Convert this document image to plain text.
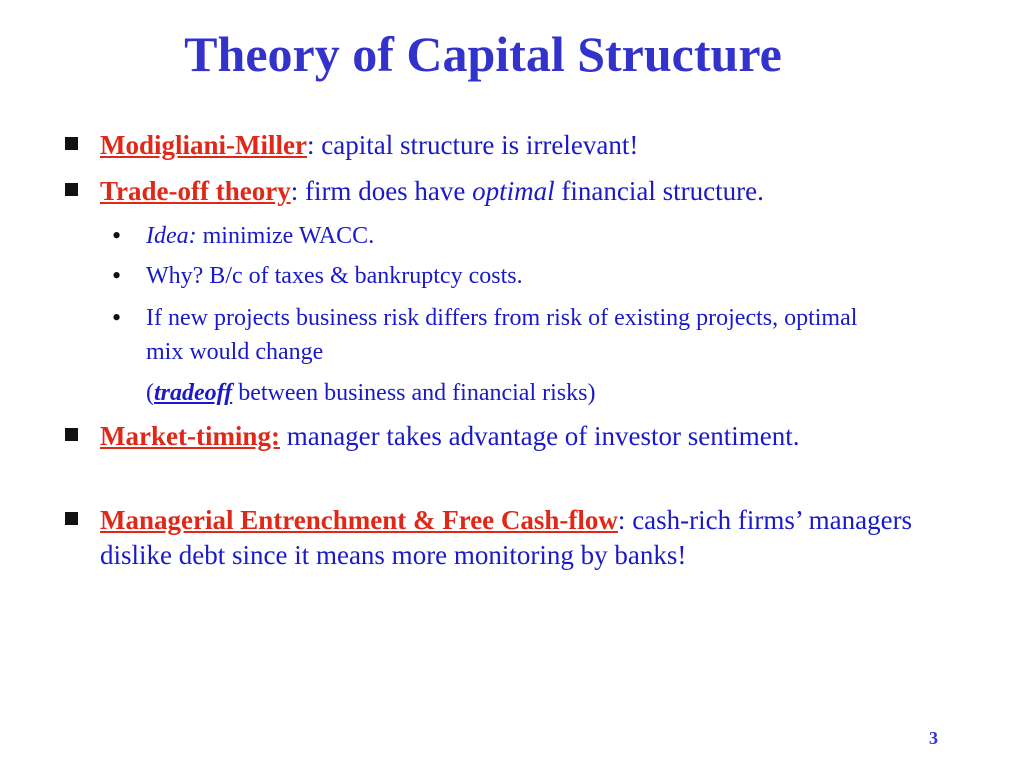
Theory of Capital Structure
Modigliani-Miller: capital structure is irrelevant!
Trade-off theory: firm does have optimal financial structure.
• Idea: minimize WACC.
• Why? B/c of taxes & bankruptcy costs.
• If new projects business risk differs from risk of existing projects, optimal mix would change
(tradeoff between business and financial risks)
Market-timing: manager takes advantage of investor sentiment.
Managerial Entrenchment & Free Cash-flow: cash-rich firms’ managers dislike debt since it means more monitoring by banks!
3
